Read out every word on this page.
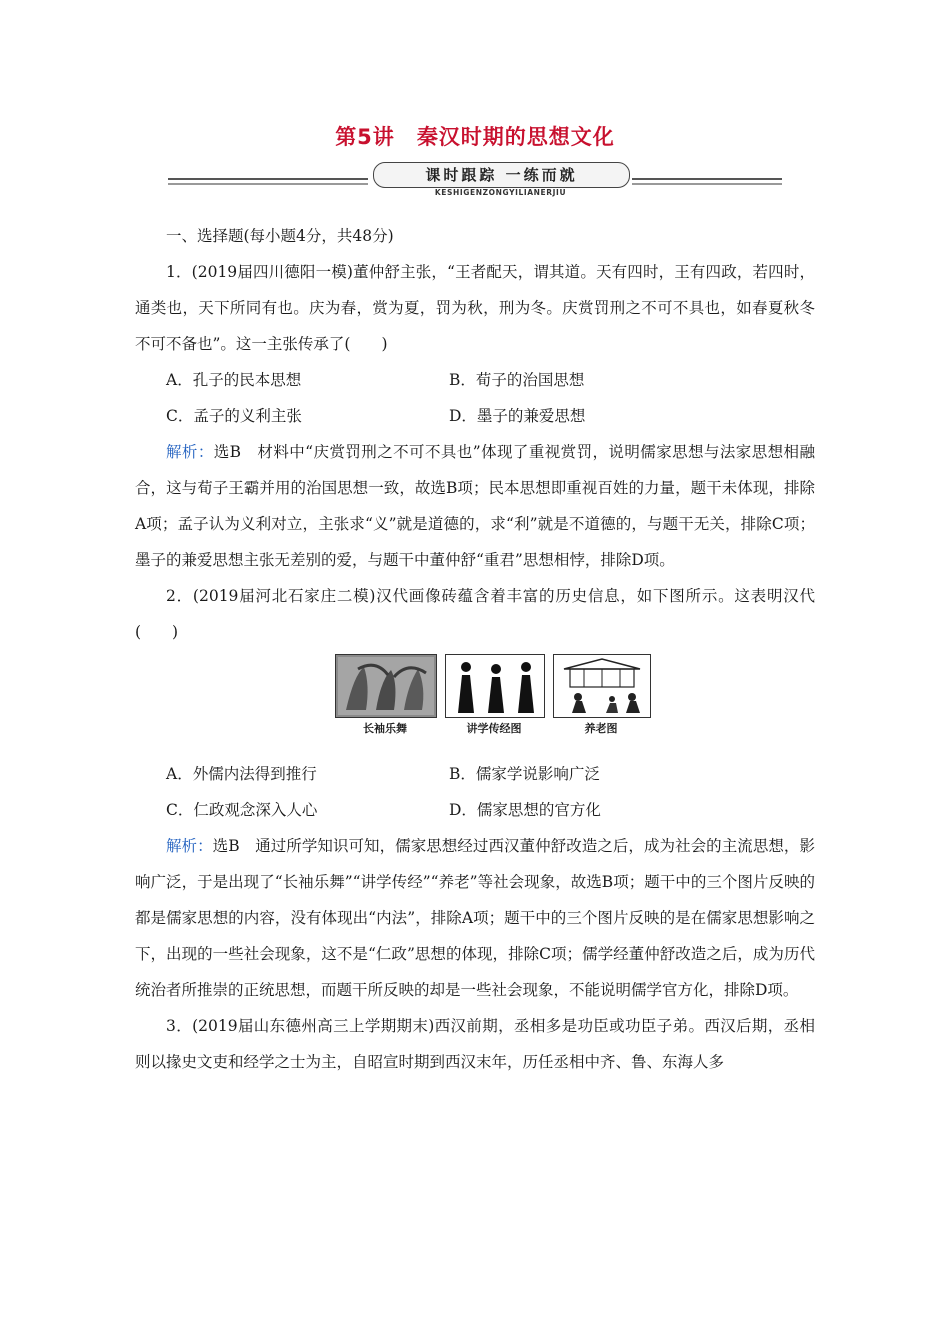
第5讲 秦汉时期的思想文化
课时跟踪 一练而就
KESHIGENZONGYILIANERJIU

一、选择题(每小题4分，共48分)

1．(2019届四川德阳一模)董仲舒主张，“王者配天，谓其道。天有四时，王有四政，若四时，通类也，天下所同有也。庆为春，赏为夏，罚为秋，刑为冬。庆赏罚刑之不可不具也，如春夏秋冬不可不备也”。这一主张传承了(　　)

A．孔子的民本思想	B．荀子的治国思想
C．孟子的义利主张	D．墨子的兼爱思想

解析：选B　材料中“庆赏罚刑之不可不具也”体现了重视赏罚，说明儒家思想与法家思想相融合，这与荀子王霸并用的治国思想一致，故选B项；民本思想即重视百姓的力量，题干未体现，排除A项；孟子认为义利对立，主张求“义”就是道德的，求“利”就是不道德的，与题干无关，排除C项；墨子的兼爱思想主张无差别的爱，与题干中董仲舒“重君”思想相悖，排除D项。

2．(2019届河北石家庄二模)汉代画像砖蕴含着丰富的历史信息，如下图所示。这表明汉代(　　)

长袖乐舞	讲学传经图	养老图
A．外儒内法得到推行	B．儒家学说影响广泛
C．仁政观念深入人心	D．儒家思想的官方化

解析：选B　通过所学知识可知，儒家思想经过西汉董仲舒改造之后，成为社会的主流思想，影响广泛，于是出现了“长袖乐舞”“讲学传经”“养老”等社会现象，故选B项；题干中的三个图片反映的都是儒家思想的内容，没有体现出“内法”，排除A项；题干中的三个图片反映的是在儒家思想影响之下，出现的一些社会现象，这不是“仁政”思想的体现，排除C项；儒学经董仲舒改造之后，成为历代统治者所推崇的正统思想，而题干所反映的却是一些社会现象，不能说明儒学官方化，排除D项。

3．(2019届山东德州高三上学期期末)西汉前期，丞相多是功臣或功臣子弟。西汉后期，丞相则以掾史文吏和经学之士为主，自昭宣时期到西汉末年，历任丞相中齐、鲁、东海人多
